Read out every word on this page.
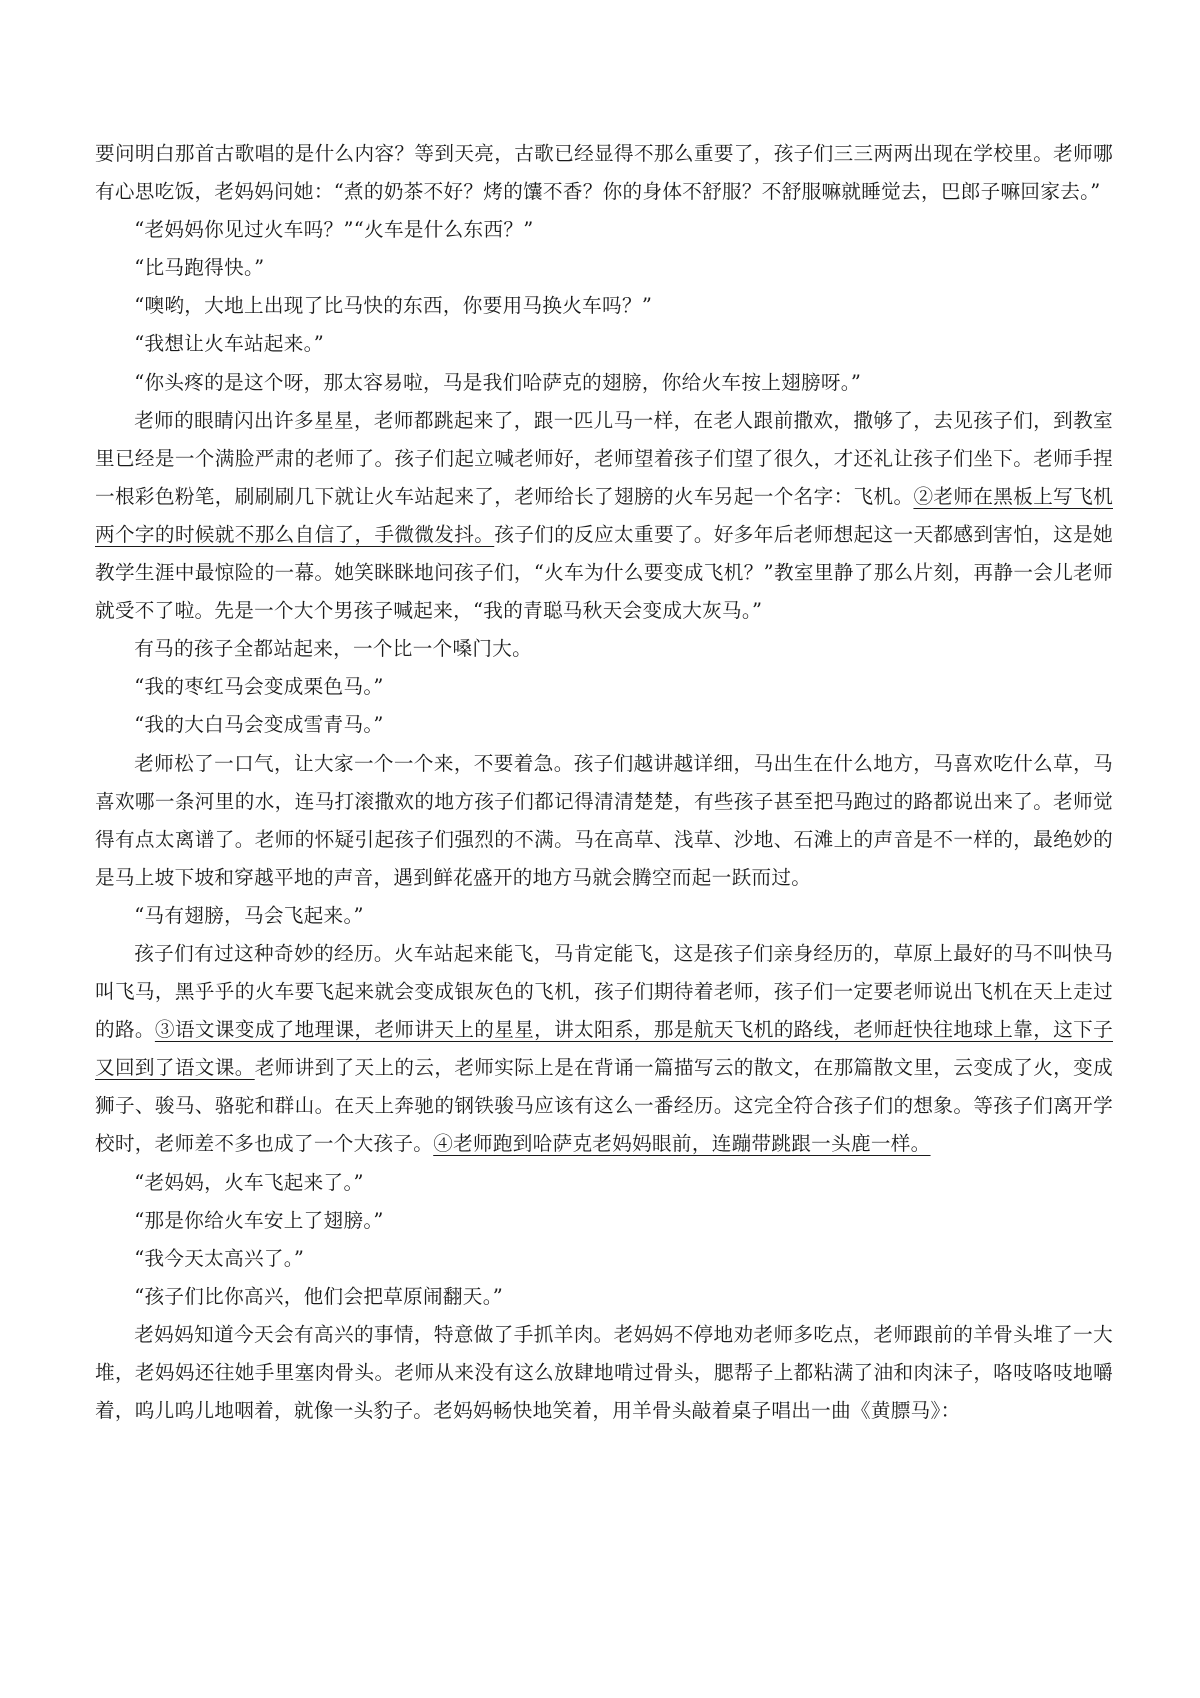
要问明白那首古歌唱的是什么内容？等到天亮，古歌已经显得不那么重要了，孩子们三三两两出现在学校里。老师哪有心思吃饭，老妈妈问她：“煮的奶茶不好？烤的馕不香？你的身体不舒服？不舒服嘛就睡觉去，巴郎子嘛回家去。”

“老妈妈你见过火车吗？”“火车是什么东西？”

“比马跑得快。”

“噢哟，大地上出现了比马快的东西，你要用马换火车吗？”

“我想让火车站起来。”

“你头疼的是这个呀，那太容易啦，马是我们哈萨克的翅膀，你给火车按上翅膀呀。”

老师的眼睛闪出许多星星，老师都跳起来了，跟一匹儿马一样，在老人跟前撒欢，撒够了，去见孩子们，到教室里已经是一个满脸严肃的老师了。孩子们起立喊老师好，老师望着孩子们望了很久，才还礼让孩子们坐下。老师手捏一根彩色粉笔，刷刷刷几下就让火车站起来了，老师给长了翅膀的火车另起一个名字：飞机。②老师在黑板上写飞机两个字的时候就不那么自信了，手微微发抖。孩子们的反应太重要了。好多年后老师想起这一天都感到害怕，这是她教学生涯中最惊险的一幕。她笑眯眯地问孩子们，“火车为什么要变成飞机？”教室里静了那么片刻，再静一会儿老师就受不了啦。先是一个大个男孩子喊起来，“我的青聪马秋天会变成大灰马。”

有马的孩子全都站起来，一个比一个嗓门大。

“我的枣红马会变成栗色马。”

“我的大白马会变成雪青马。”

老师松了一口气，让大家一个一个来，不要着急。孩子们越讲越详细，马出生在什么地方，马喜欢吃什么草，马喜欢哪一条河里的水，连马打滚撒欢的地方孩子们都记得清清楚楚，有些孩子甚至把马跑过的路都说出来了。老师觉得有点太离谱了。老师的怀疑引起孩子们强烈的不满。马在高草、浅草、沙地、石滩上的声音是不一样的，最绝妙的是马上坡下坡和穿越平地的声音，遇到鲜花盛开的地方马就会腾空而起一跃而过。

“马有翅膀，马会飞起来。”

孩子们有过这种奇妙的经历。火车站起来能飞，马肯定能飞，这是孩子们亲身经历的，草原上最好的马不叫快马叫飞马，黑乎乎的火车要飞起来就会变成银灰色的飞机，孩子们期待着老师，孩子们一定要老师说出飞机在天上走过的路。③语文课变成了地理课，老师讲天上的星星，讲太阳系，那是航天飞机的路线，老师赶快往地球上靠，这下子又回到了语文课。老师讲到了天上的云，老师实际上是在背诵一篇描写云的散文，在那篇散文里，云变成了火，变成狮子、骏马、骆驼和群山。在天上奔驰的钢铁骏马应该有这么一番经历。这完全符合孩子们的想象。等孩子们离开学校时，老师差不多也成了一个大孩子。④老师跑到哈萨克老妈妈眼前，连蹦带跳跟一头鹿一样。

“老妈妈，火车飞起来了。”

“那是你给火车安上了翅膀。”

“我今天太高兴了。”

“孩子们比你高兴，他们会把草原闹翻天。”

老妈妈知道今天会有高兴的事情，特意做了手抓羊肉。老妈妈不停地劝老师多吃点，老师跟前的羊骨头堆了一大堆，老妈妈还往她手里塞肉骨头。老师从来没有这么放肆地啃过骨头，腮帮子上都粘满了油和肉沫子，咯吱咯吱地嚼着，呜儿呜儿地咽着，就像一头豹子。老妈妈畅快地笑着，用羊骨头敲着桌子唱出一曲《黄膘马》：
